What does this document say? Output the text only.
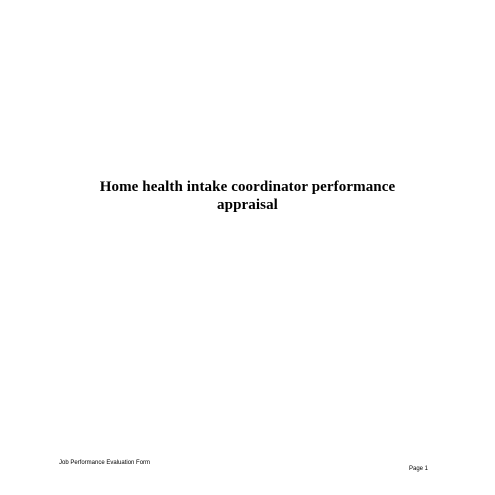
Home health intake coordinator performance
appraisal
Job Performance Evaluation Form
Page 1
